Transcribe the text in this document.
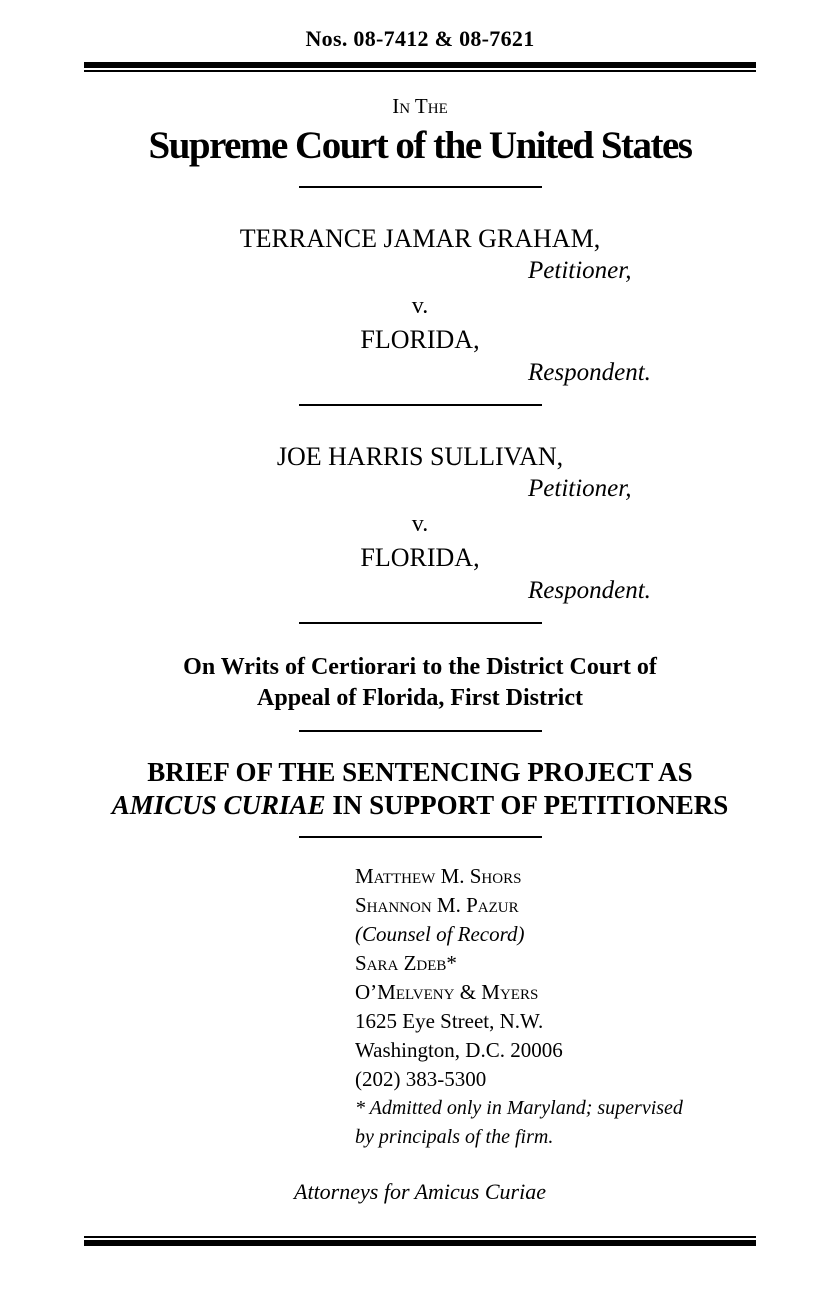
Nos. 08-7412 & 08-7621
In The
Supreme Court of the United States
TERRANCE JAMAR GRAHAM,
Petitioner,
v.
FLORIDA,
Respondent.
JOE HARRIS SULLIVAN,
Petitioner,
v.
FLORIDA,
Respondent.
On Writs of Certiorari to the District Court of
Appeal of Florida, First District
BRIEF OF THE SENTENCING PROJECT AS
AMICUS CURIAE IN SUPPORT OF PETITIONERS
Matthew M. Shors
Shannon M. Pazur
(Counsel of Record)
Sara Zdeb*
O’Melveny & Myers
1625 Eye Street, N.W.
Washington, D.C. 20006
(202) 383-5300
* Admitted only in Maryland; supervised
by principals of the firm.
Attorneys for Amicus Curiae
